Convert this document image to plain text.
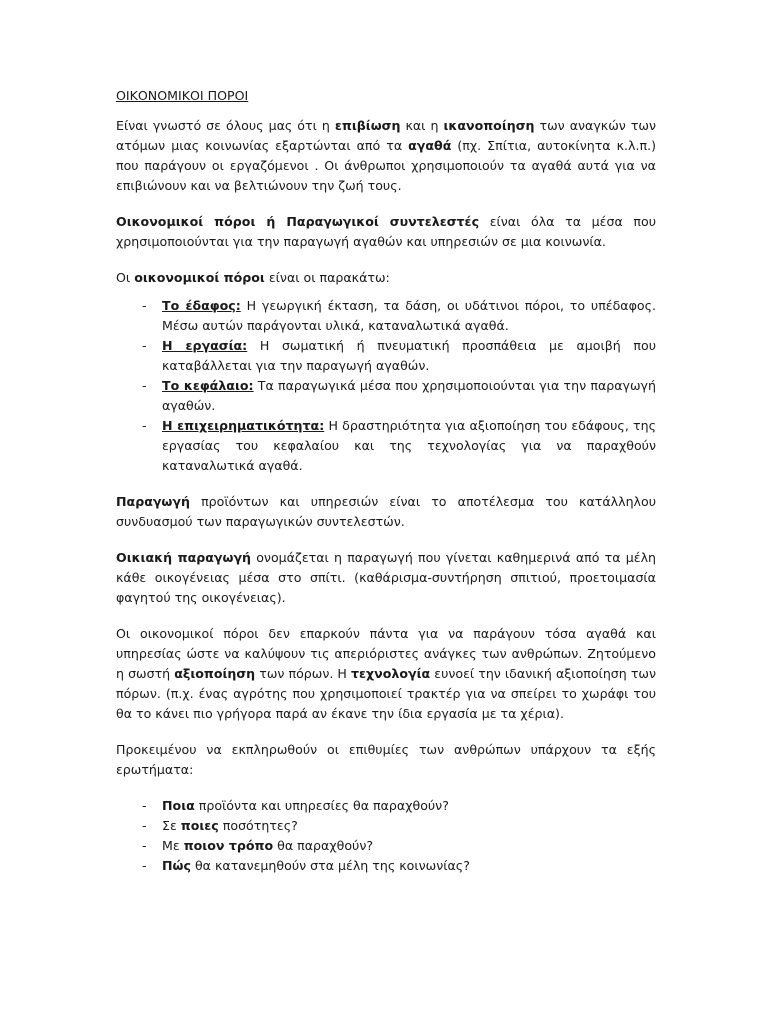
ΟΙΚΟΝΟΜΙΚΟΙ ΠΟΡΟΙ

Είναι γνωστό σε όλους μας ότι η επιβίωση και η ικανοποίηση των αναγκών των ατόμων μιας κοινωνίας εξαρτώνται από τα αγαθά (πχ. Σπίτια, αυτοκίνητα κ.λ.π.) που παράγουν οι εργαζόμενοι . Οι άνθρωποι χρησιμοποιούν τα αγαθά αυτά για να επιβιώνουν και να βελτιώνουν την ζωή τους.

Οικονομικοί πόροι ή Παραγωγικοί συντελεστές είναι όλα τα μέσα που χρησιμοποιούνται για την παραγωγή αγαθών και υπηρεσιών σε μια κοινωνία.

Οι οικονομικοί πόροι είναι οι παρακάτω:

- Το έδαφος: Η γεωργική έκταση, τα δάση, οι υδάτινοι πόροι, το υπέδαφος. Μέσω αυτών παράγονται υλικά, καταναλωτικά αγαθά.
- Η εργασία: Η σωματική ή πνευματική προσπάθεια με αμοιβή που καταβάλλεται για την παραγωγή αγαθών.
- Το κεφάλαιο: Τα παραγωγικά μέσα που χρησιμοποιούνται για την παραγωγή αγαθών.
- Η επιχειρηματικότητα: Η δραστηριότητα για αξιοποίηση του εδάφους, της εργασίας του κεφαλαίου και της τεχνολογίας για να παραχθούν καταναλωτικά αγαθά.

Παραγωγή προϊόντων και υπηρεσιών είναι το αποτέλεσμα του κατάλληλου συνδυασμού των παραγωγικών συντελεστών.

Οικιακή παραγωγή ονομάζεται η παραγωγή που γίνεται καθημερινά από τα μέλη κάθε οικογένειας μέσα στο σπίτι. (καθάρισμα-συντήρηση σπιτιού, προετοιμασία φαγητού της οικογένειας).

Οι οικονομικοί πόροι δεν επαρκούν πάντα για να παράγουν τόσα αγαθά και υπηρεσίας ώστε να καλύψουν τις απεριόριστες ανάγκες των ανθρώπων. Ζητούμενο η σωστή αξιοποίηση των πόρων. Η τεχνολογία ευνοεί την ιδανική αξιοποίηση των πόρων. (π.χ. ένας αγρότης που χρησιμοποιεί τρακτέρ για να σπείρει το χωράφι του θα το κάνει πιο γρήγορα παρά αν έκανε την ίδια εργασία με τα χέρια).

Προκειμένου να εκπληρωθούν οι επιθυμίες των ανθρώπων υπάρχουν τα εξής ερωτήματα:

- Ποια προϊόντα και υπηρεσίες θα παραχθούν?
- Σε ποιες ποσότητες?
- Με ποιον τρόπο θα παραχθούν?
- Πώς θα κατανεμηθούν στα μέλη της κοινωνίας?
